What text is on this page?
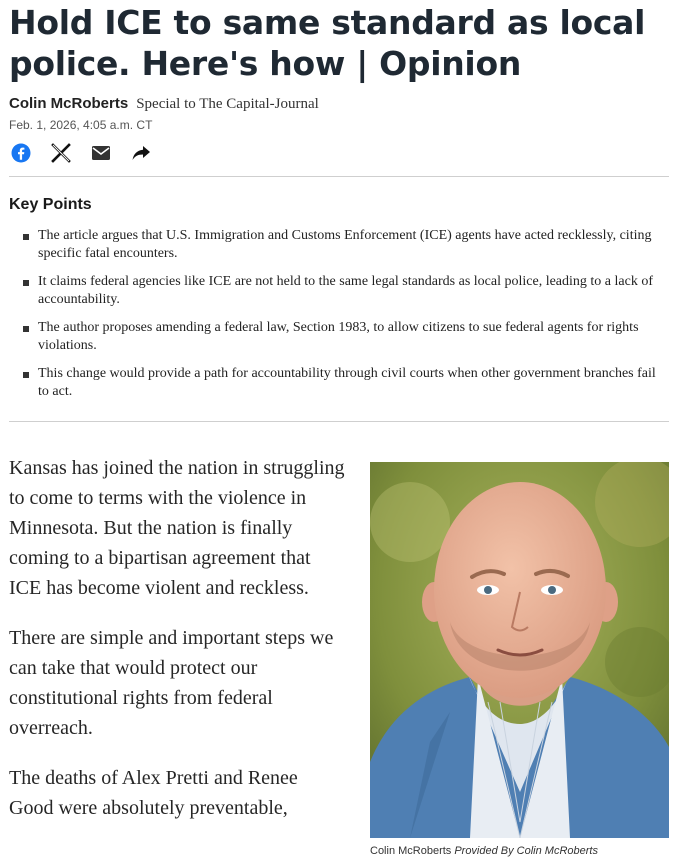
Hold ICE to same standard as local police. Here's how | Opinion
Colin McRoberts Special to The Capital-Journal
Feb. 1, 2026, 4:05 a.m. CT
Key Points
The article argues that U.S. Immigration and Customs Enforcement (ICE) agents have acted recklessly, citing specific fatal encounters.
It claims federal agencies like ICE are not held to the same legal standards as local police, leading to a lack of accountability.
The author proposes amending a federal law, Section 1983, to allow citizens to sue federal agents for rights violations.
This change would provide a path for accountability through civil courts when other government branches fail to act.

Kansas has joined the nation in struggling to come to terms with the violence in Minnesota. But the nation is finally coming to a bipartisan agreement that ICE has become violent and reckless.

There are simple and important steps we can take that would protect our constitutional rights from federal overreach.

The deaths of Alex Pretti and Renee Good were absolutely preventable,

Colin McRoberts Provided By Colin McRoberts
